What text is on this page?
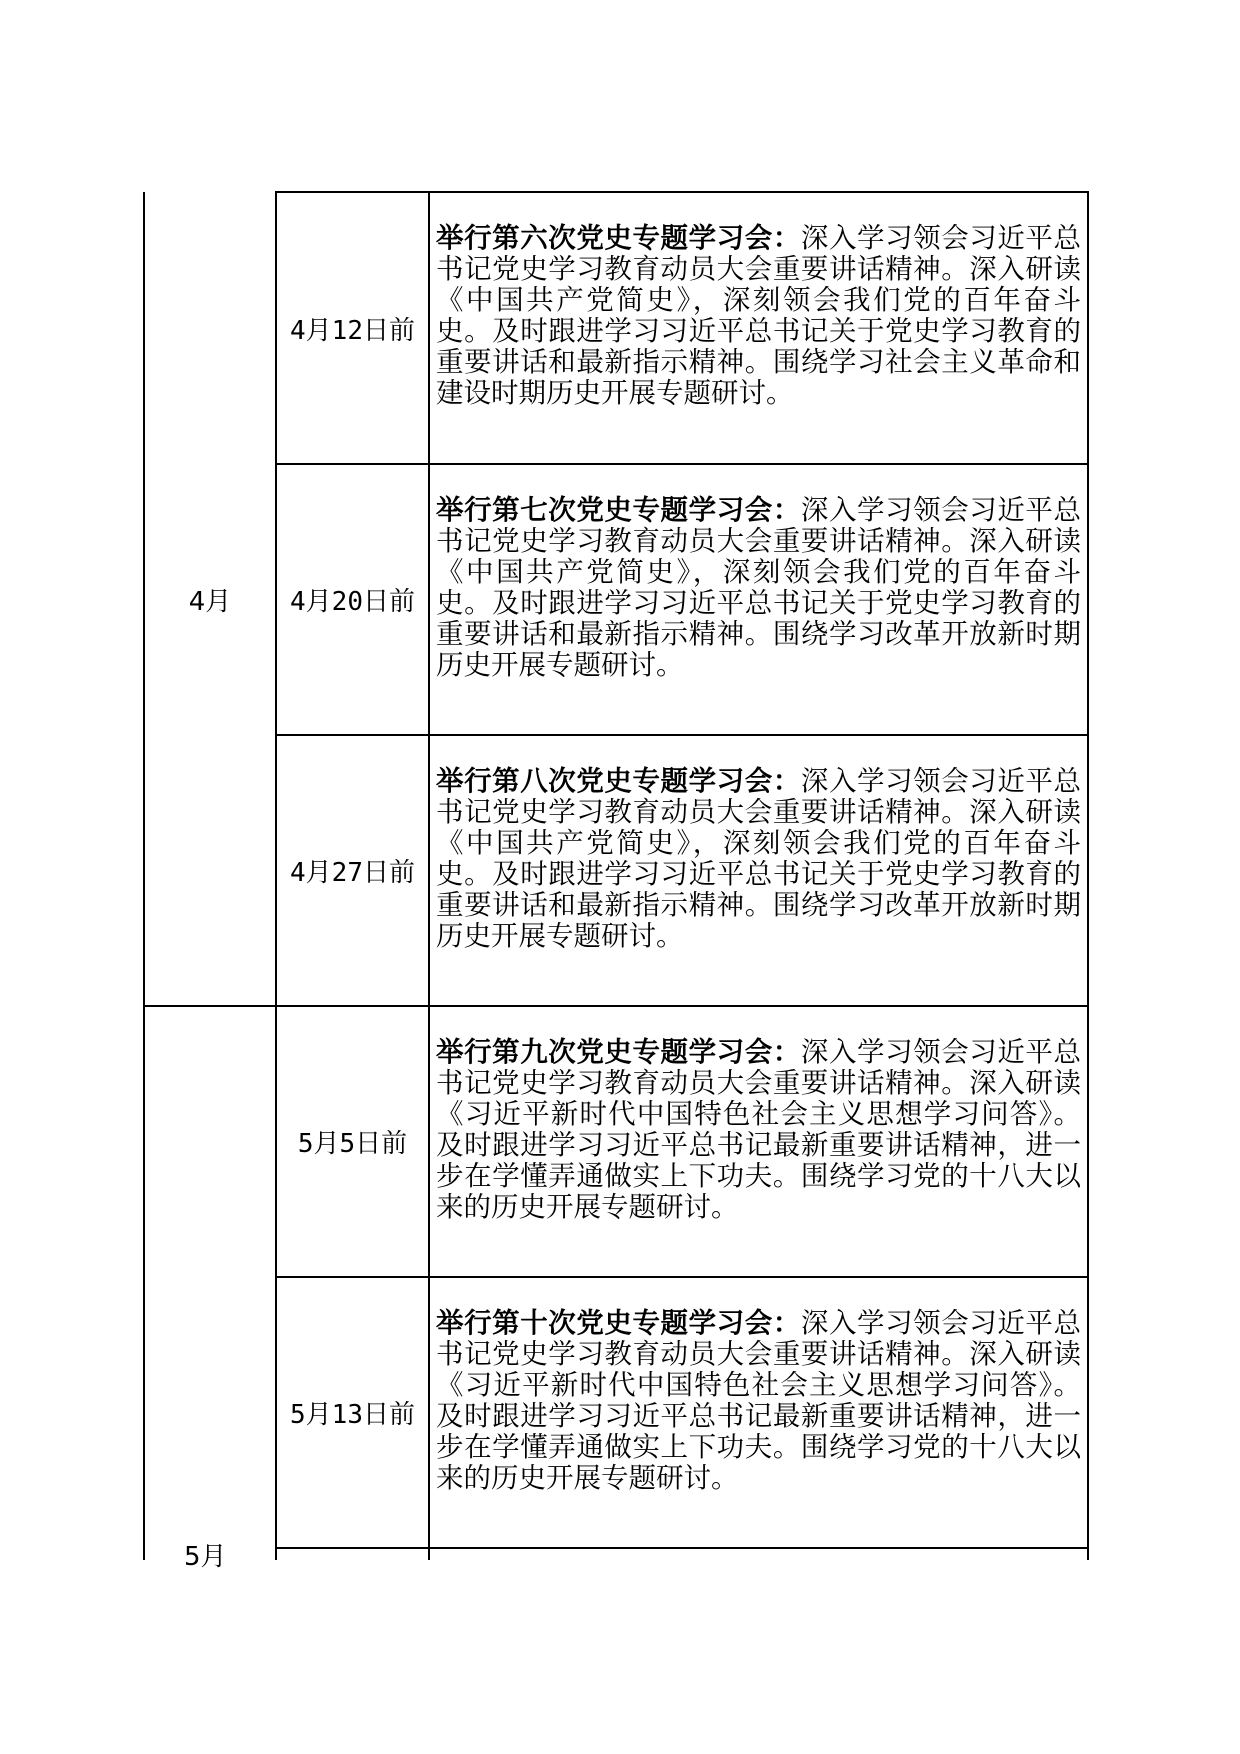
4月
5月
4月12日前
举行第六次党史专题学习会：深入学习领会习近平总书记党史学习教育动员大会重要讲话精神。深入研读《中国共产党简史》，深刻领会我们党的百年奋斗史。及时跟进学习习近平总书记关于党史学习教育的重要讲话和最新指示精神。围绕学习社会主义革命和建设时期历史开展专题研讨。
4月20日前
举行第七次党史专题学习会：深入学习领会习近平总书记党史学习教育动员大会重要讲话精神。深入研读《中国共产党简史》，深刻领会我们党的百年奋斗史。及时跟进学习习近平总书记关于党史学习教育的重要讲话和最新指示精神。围绕学习改革开放新时期历史开展专题研讨。
4月27日前
举行第八次党史专题学习会：深入学习领会习近平总书记党史学习教育动员大会重要讲话精神。深入研读《中国共产党简史》，深刻领会我们党的百年奋斗史。及时跟进学习习近平总书记关于党史学习教育的重要讲话和最新指示精神。围绕学习改革开放新时期历史开展专题研讨。
5月5日前
举行第九次党史专题学习会：深入学习领会习近平总书记党史学习教育动员大会重要讲话精神。深入研读《习近平新时代中国特色社会主义思想学习问答》。及时跟进学习习近平总书记最新重要讲话精神，进一步在学懂弄通做实上下功夫。围绕学习党的十八大以来的历史开展专题研讨。
5月13日前
举行第十次党史专题学习会：深入学习领会习近平总书记党史学习教育动员大会重要讲话精神。深入研读《习近平新时代中国特色社会主义思想学习问答》。及时跟进学习习近平总书记最新重要讲话精神，进一步在学懂弄通做实上下功夫。围绕学习党的十八大以来的历史开展专题研讨。
